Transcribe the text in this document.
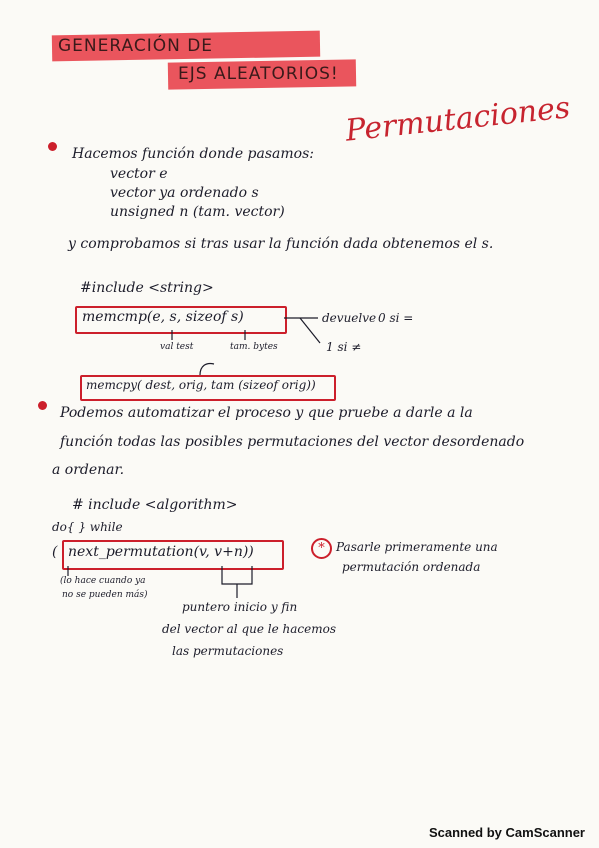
GENERACIÓN DE
EJS ALEATORIOS!
Permutaciones
Hacemos función donde pasamos:
vector e
vector ya ordenado s
unsigned n (tam. vector)
y comprobamos si tras usar la función dada obtenemos el s.
#include <string>
memcmp(e, s, sizeof s)	devuelve 0 si =
1 si ≠
val test	tam. bytes
memcpy( dest, orig, tam (sizeof orig))
Podemos automatizar el proceso y que pruebe a darle a la
función todas las posibles permutaciones del vector desordenado
a ordenar.
# include <algorithm>
do{ } while
( next_permutation(v, v+n))
(lo hace cuando ya
no se pueden más)
puntero inicio y fin
del vector al que le hacemos
las permutaciones
* Pasarle primeramente una
permutación ordenada
Scanned by CamScanner
